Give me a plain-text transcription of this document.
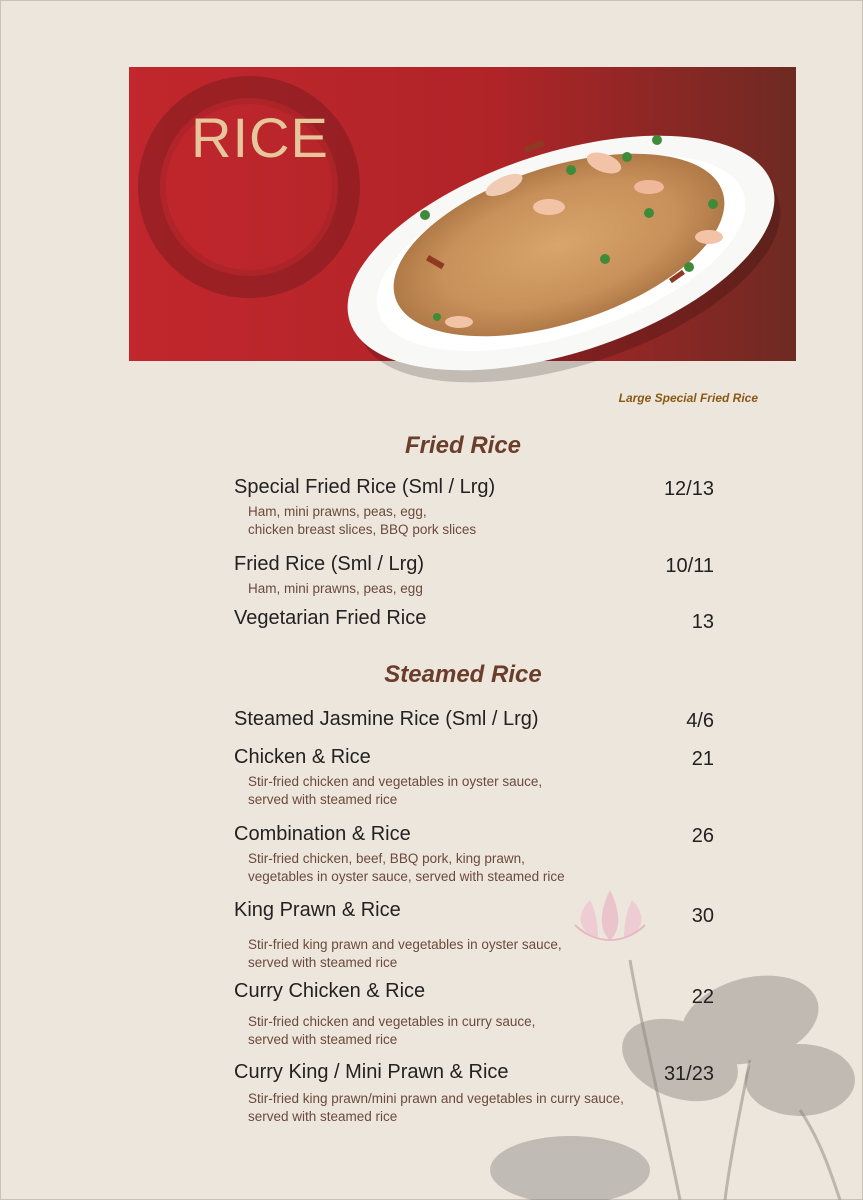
RICE
Large Special Fried Rice
Fried Rice
Special Fried Rice (Sml / Lrg)	12/13
Ham, mini prawns, peas, egg,
chicken breast slices, BBQ pork slices
Fried Rice (Sml / Lrg)	10/11
Ham, mini prawns, peas, egg
Vegetarian Fried Rice	13
Steamed Rice
Steamed Jasmine Rice (Sml / Lrg)	4/6
Chicken & Rice	21
Stir-fried chicken and vegetables in oyster sauce,
served with steamed rice
Combination & Rice	26
Stir-fried chicken, beef, BBQ pork, king prawn,
vegetables in oyster sauce, served with steamed rice
King Prawn & Rice	30
Stir-fried king prawn and vegetables in oyster sauce,
served with steamed rice
Curry Chicken & Rice	22
Stir-fried chicken and vegetables in curry sauce,
served with steamed rice
Curry King / Mini Prawn & Rice	31/23
Stir-fried king prawn/mini prawn and vegetables in curry sauce,
served with steamed rice
